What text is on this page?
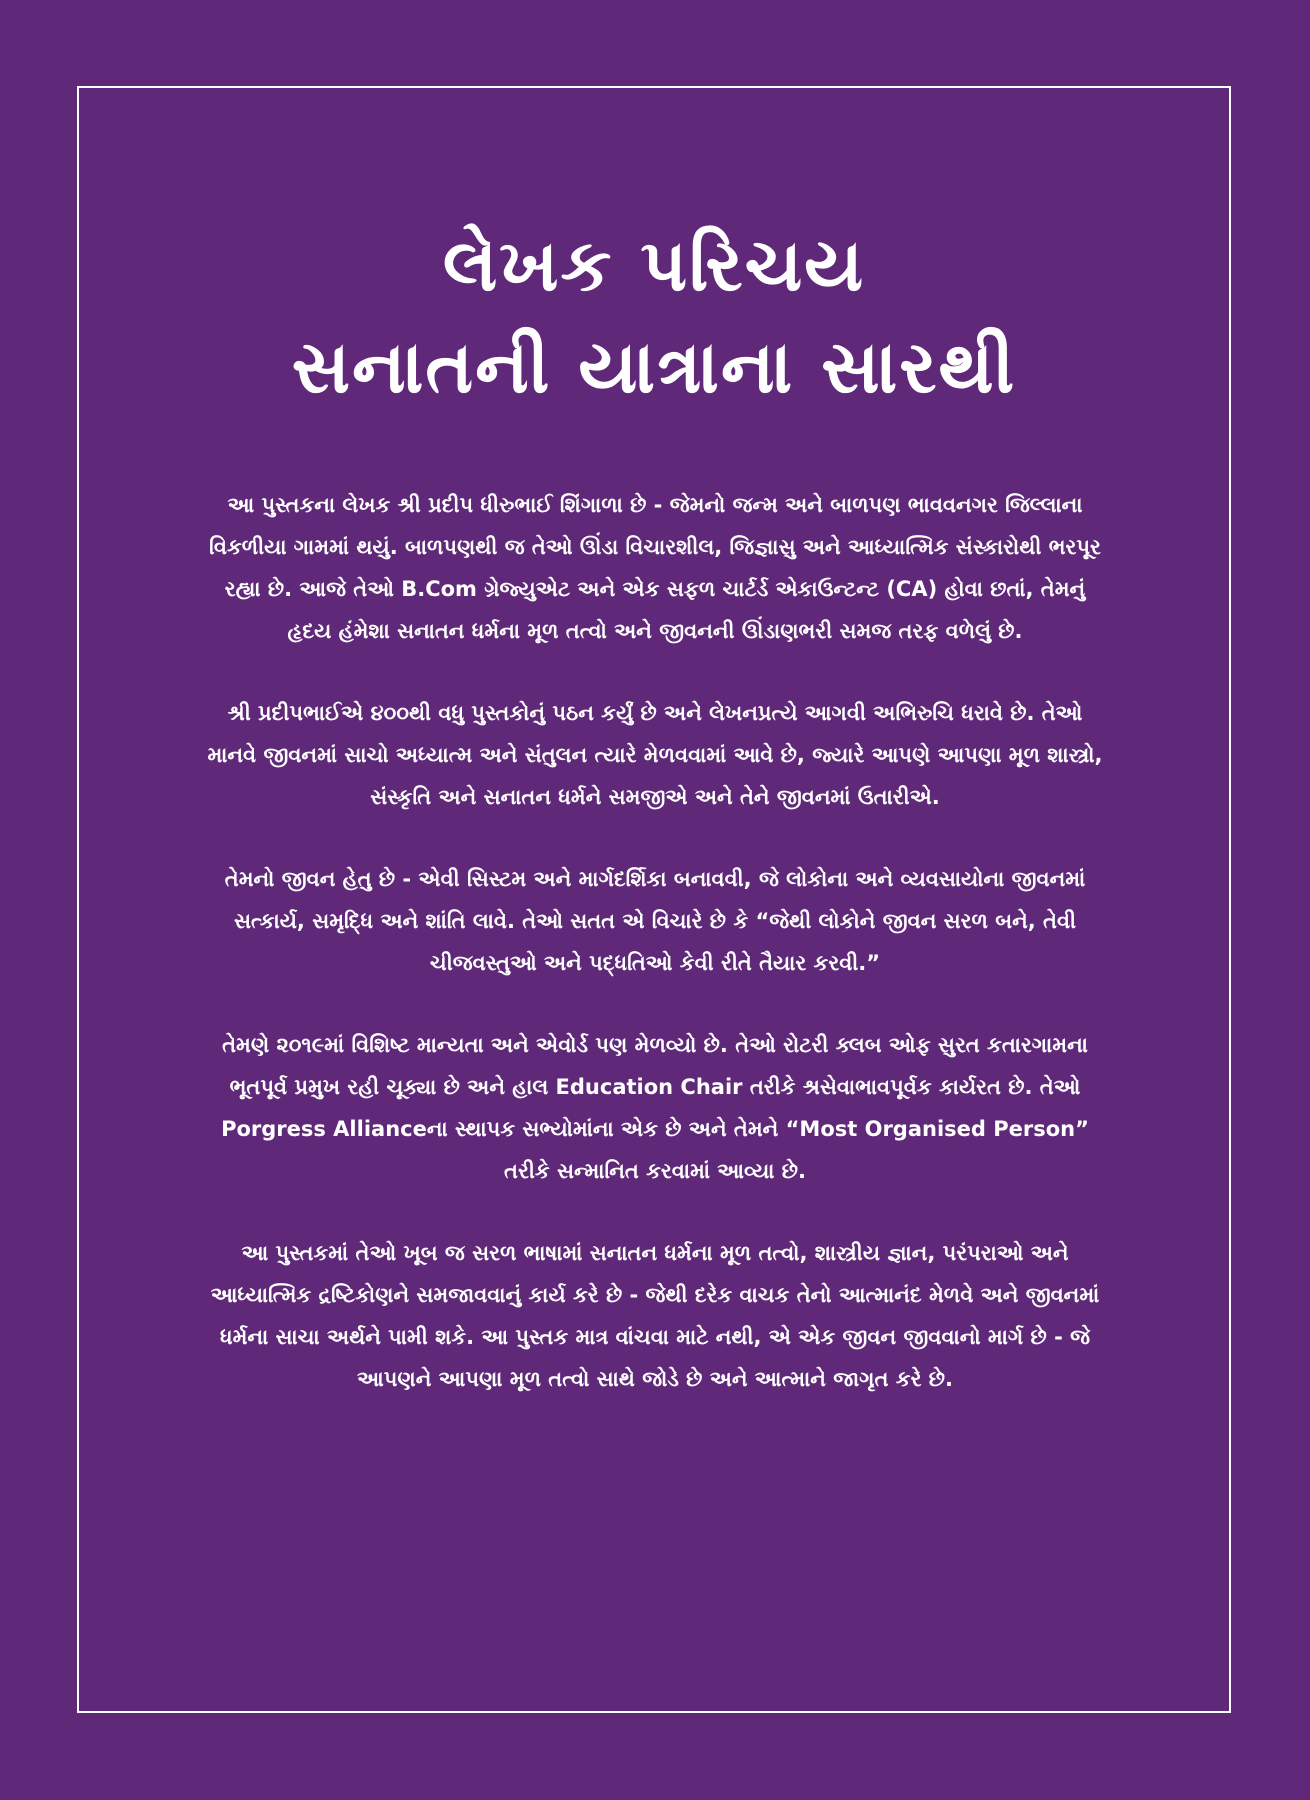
લેખક પરિચય
સનાતની યાત્રાના સારથી

આ પુસ્તકના લેખક શ્રી પ્રદીપ ધીરુભાઈ શિંગાળા છે - જેમનો જન્મ અને બાળપણ ભાવવનગર જિલ્લાના વિકળીયા ગામમાં થયું. બાળપણથી જ તેઓ ઊંડા વિચારશીલ, જિજ્ઞાસુ અને આધ્યાત્મિક સંસ્કારોથી ભરપૂર રહ્યા છે. આજે તેઓ B.Com ગ્રેજ્યુએટ અને એક સફળ ચાર્ટર્ડ એકાઉન્ટન્ટ (CA) હોવા છતાં, તેમનું હૃદય હંમેશા સનાતન ધર્મના મૂળ તત્વો અને જીવનની ઊંડાણભરી સમજ તરફ વળેલું છે.

શ્રી પ્રદીપભાઈએ ૪૦૦થી વધુ પુસ્તકોનું પઠન કર્યું છે અને લેખનપ્રત્યે આગવી અભિરુચિ ધરાવે છે. તેઓ માનવે જીવનમાં સાચો અધ્યાત્મ અને સંતુલન ત્યારે મેળવવામાં આવે છે, જ્યારે આપણે આપણા મૂળ શાસ્ત્રો, સંસ્કૃતિ અને સનાતન ધર્મને સમજીએ અને તેને જીવનમાં ઉતારીએ.

તેમનો જીવન હેતુ છે - એવી સિસ્ટમ અને માર્ગદર્શિકા બનાવવી, જે લોકોના અને વ્યવસાયોના જીવનમાં સત્કાર્ય, સમૃદ્ધિ અને શાંતિ લાવે. તેઓ સતત એ વિચારે છે કે “જેથી લોકોને જીવન સરળ બને, તેવી ચીજવસ્તુઓ અને પદ્ધતિઓ કેવી રીતે તૈયાર કરવી.”

તેમણે ૨૦૧૯માં વિશિષ્ટ માન્યતા અને એવોર્ડ પણ મેળવ્યો છે. તેઓ રોટરી ક્લબ ઓફ સુરત કતારગામના ભૂતપૂર્વ પ્રમુખ રહી ચૂક્યા છે અને હાલ Education Chair તરીકે શ્રસેવાભાવપૂર્વક કાર્યરત છે. તેઓ Porgress Allianceના સ્થાપક સભ્યોમાંના એક છે અને તેમને “Most Organised Person” તરીકે સન્માનિત કરવામાં આવ્યા છે.

આ પુસ્તકમાં તેઓ ખૂબ જ સરળ ભાષામાં સનાતન ધર્મના મૂળ તત્વો, શાસ્ત્રીય જ્ઞાન, પરંપરાઓ અને આધ્યાત્મિક દ્રષ્ટિકોણને સમજાવવાનું કાર્ય કરે છે - જેથી દરેક વાચક તેનો આત્માનંદ મેળવે અને જીવનમાં ધર્મના સાચા અર્થને પામી શકે. આ પુસ્તક માત્ર વાંચવા માટે નથી, એ એક જીવન જીવવાનો માર્ગ છે - જે આપણને આપણા મૂળ તત્વો સાથે જોડે છે અને આત્માને જાગૃત કરે છે.
